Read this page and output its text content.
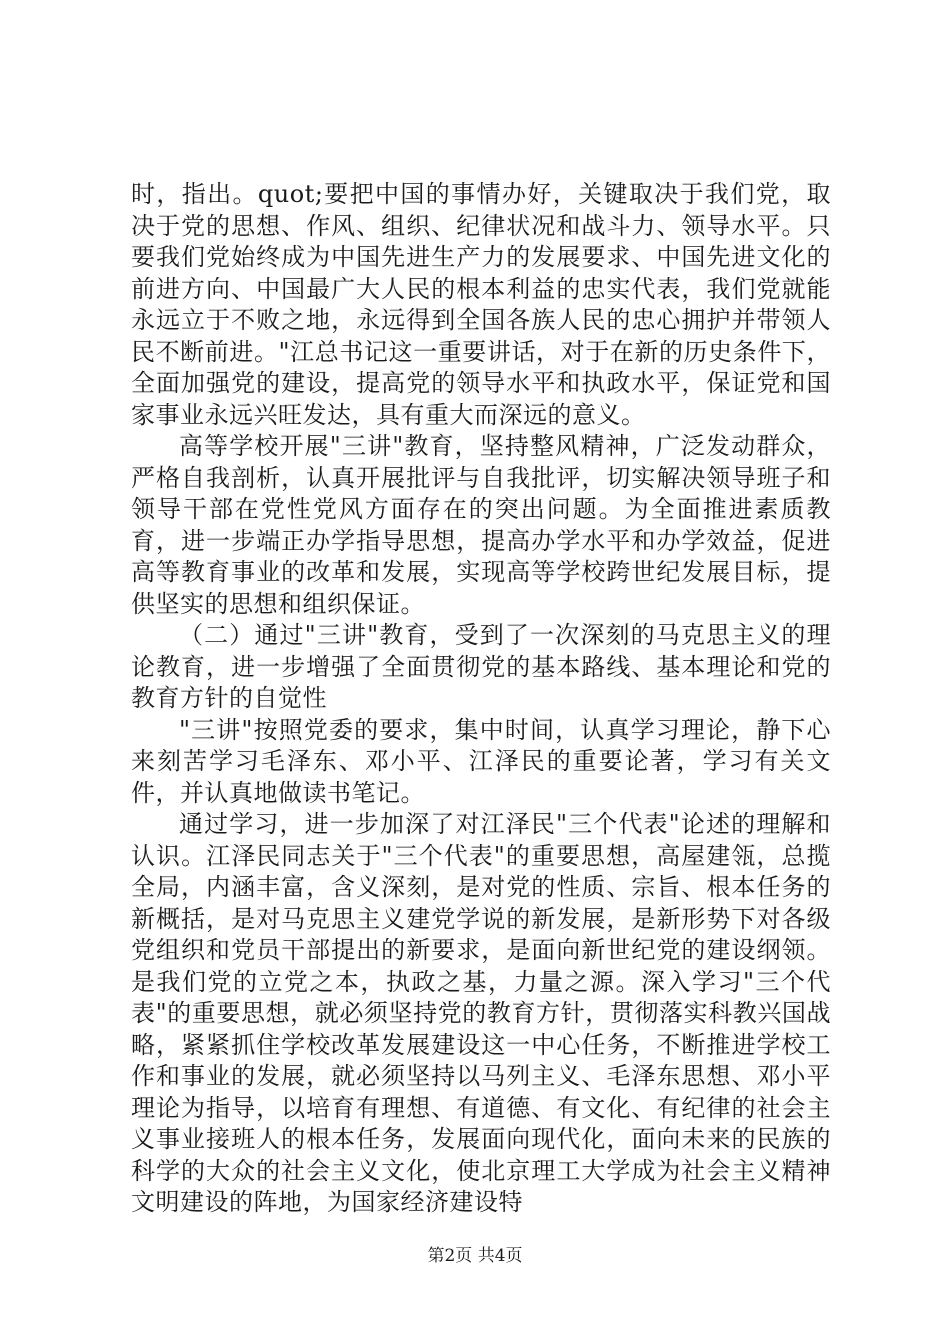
时，指出。quot;要把中国的事情办好，关键取决于我们党，取决于党的思想、作风、组织、纪律状况和战斗力、领导水平。只要我们党始终成为中国先进生产力的发展要求、中国先进文化的前进方向、中国最广大人民的根本利益的忠实代表，我们党就能永远立于不败之地，永远得到全国各族人民的忠心拥护并带领人民不断前进。"江总书记这一重要讲话，对于在新的历史条件下，全面加强党的建设，提高党的领导水平和执政水平，保证党和国家事业永远兴旺发达，具有重大而深远的意义。

高等学校开展"三讲"教育，坚持整风精神，广泛发动群众，严格自我剖析，认真开展批评与自我批评，切实解决领导班子和领导干部在党性党风方面存在的突出问题。为全面推进素质教育，进一步端正办学指导思想，提高办学水平和办学效益，促进高等教育事业的改革和发展，实现高等学校跨世纪发展目标，提供坚实的思想和组织保证。

（二）通过"三讲"教育，受到了一次深刻的马克思主义的理论教育，进一步增强了全面贯彻党的基本路线、基本理论和党的教育方针的自觉性

"三讲"按照党委的要求，集中时间，认真学习理论，静下心来刻苦学习毛泽东、邓小平、江泽民的重要论著，学习有关文件，并认真地做读书笔记。

通过学习，进一步加深了对江泽民"三个代表"论述的理解和认识。江泽民同志关于"三个代表"的重要思想，高屋建瓴，总揽全局，内涵丰富，含义深刻，是对党的性质、宗旨、根本任务的新概括，是对马克思主义建党学说的新发展，是新形势下对各级党组织和党员干部提出的新要求，是面向新世纪党的建设纲领。是我们党的立党之本，执政之基，力量之源。深入学习"三个代表"的重要思想，就必须坚持党的教育方针，贯彻落实科教兴国战略，紧紧抓住学校改革发展建设这一中心任务，不断推进学校工作和事业的发展，就必须坚持以马列主义、毛泽东思想、邓小平理论为指导，以培育有理想、有道德、有文化、有纪律的社会主义事业接班人的根本任务，发展面向现代化，面向未来的民族的科学的大众的社会主义文化，使北京理工大学成为社会主义精神文明建设的阵地，为国家经济建设特

第2页 共4页
